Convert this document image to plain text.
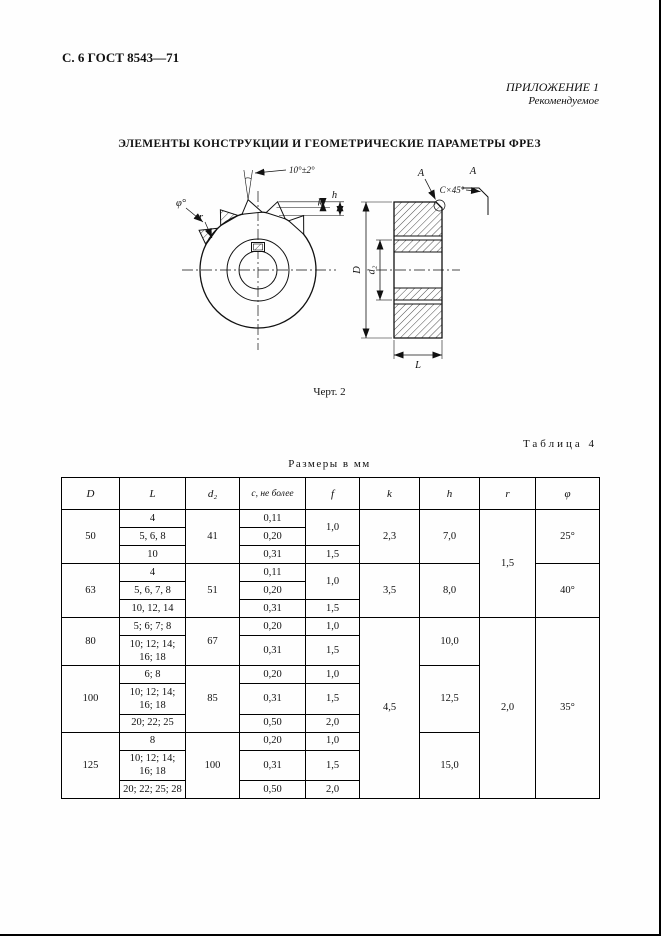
С. 6 ГОСТ 8543—71
ПРИЛОЖЕНИЕ 1
Рекомендуемое
ЭЛЕМЕНТЫ КОНСТРУКЦИИ И ГЕОМЕТРИЧЕСКИЕ ПАРАМЕТРЫ ФРЕЗ
10°±2°
h
k
φ°
r
D d₂
L
А	А
C×45°
Черт. 2
Таблица 4
Размеры в мм
D	L	d₂	с, не более	f	k	h	r	φ
50	4	41	0,11	1,0	2,3	7,0	1,5	25°
	5, 6, 8		0,20					
	10		0,31	1,5				
63	4	51	0,11	1,0	3,5	8,0		40°
	5, 6, 7, 8		0,20					
	10, 12, 14		0,31	1,5				
80	5; 6; 7; 8	67	0,20	1,0	4,5	10,0	2,0	35°
	10; 12; 14; 16; 18		0,31	1,5				
100	6; 8	85	0,20	1,0		12,5		
	10; 12; 14; 16; 18		0,31	1,5				
	20; 22; 25		0,50	2,0				
125	8	100	0,20	1,0		15,0		
	10; 12; 14; 16; 18		0,31	1,5				
	20; 22; 25; 28		0,50	2,0				
